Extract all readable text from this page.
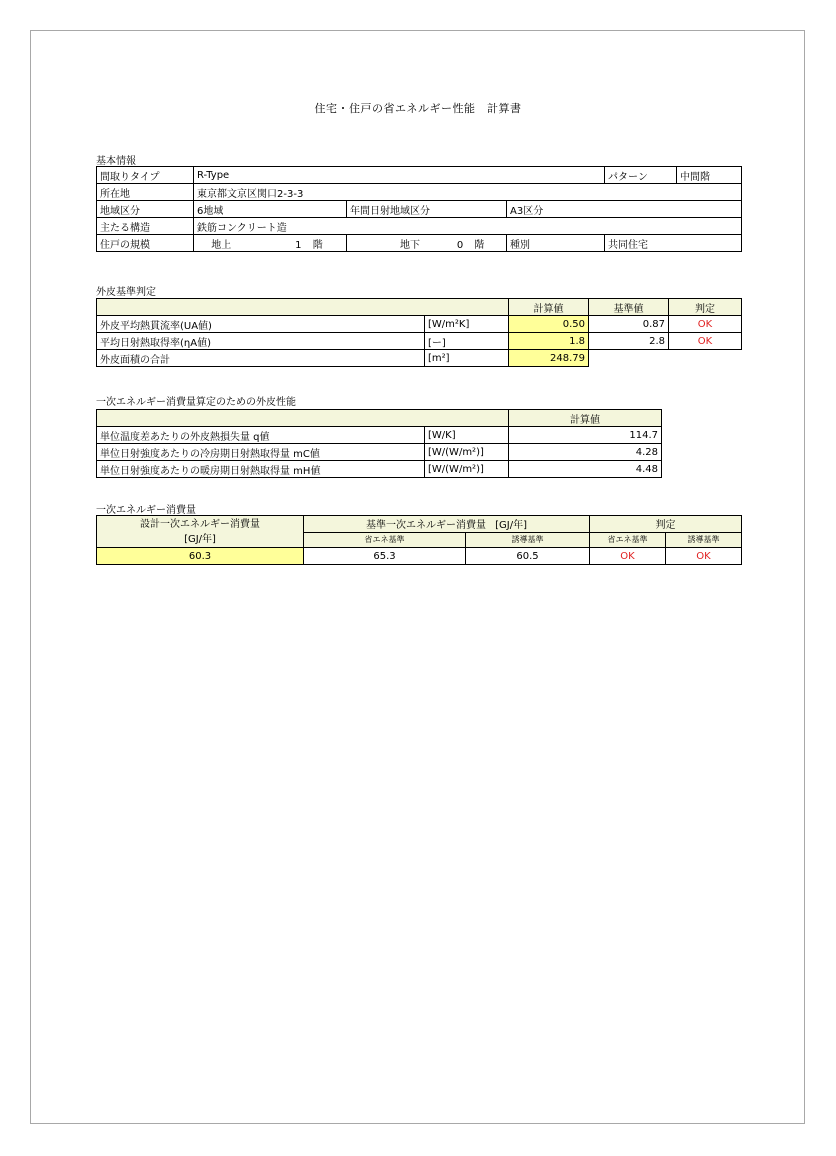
住宅・住戸の省エネルギー性能　計算書
基本情報
間取りタイプ	R-Type				パターン	中間階
所在地	東京都文京区関口2-3-3					
地域区分	6地域		年間日射地域区分	A3区分		
主たる構造	鉄筋コンクリート造					
住戸の規模	地上	1 階	地下 0 階	種別	共同住宅	
外皮基準判定
		計算値	基準値	判定
外皮平均熱貫流率(UA値)	[W/m²K]	0.50	0.87	OK
平均日射熱取得率(ηA値)	[ー]	1.8	2.8	OK
外皮面積の合計	[m²]	248.79		
一次エネルギー消費量算定のための外皮性能
		計算値
単位温度差あたりの外皮熱損失量 q値	[W/K]	114.7
単位日射強度あたりの冷房期日射熱取得量 mC値	[W/(W/m²)]	4.28
単位日射強度あたりの暖房期日射熱取得量 mH値	[W/(W/m²)]	4.48
一次エネルギー消費量
設計一次エネルギー消費量
[GJ/年]	基準一次エネルギー消費量 [GJ/年]		判定	
	省エネ基準	誘導基準	省エネ基準	誘導基準
60.3	65.3	60.5	OK	OK
